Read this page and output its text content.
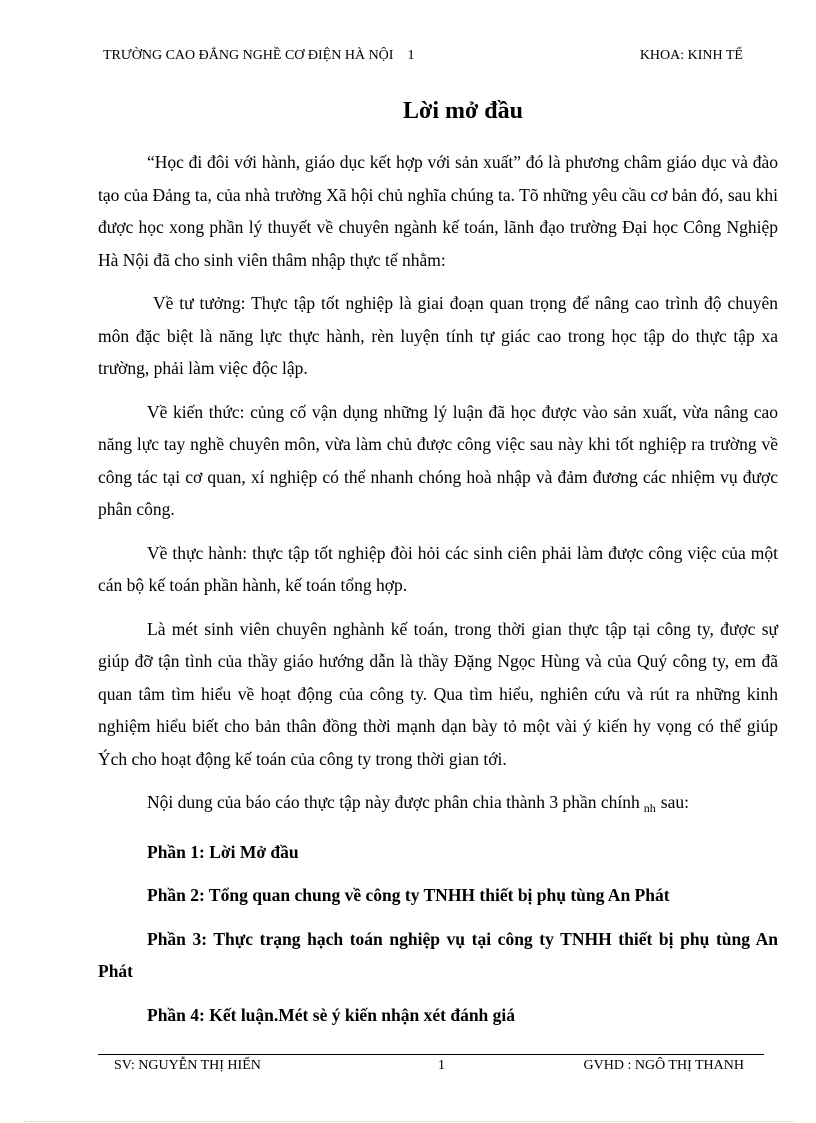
TRƯỜNG CAO ĐẲNG NGHỀ CƠ ĐIỆN HÀ NỘI    1	KHOA: KINH TẾ
Lời mở đầu

“Học đi đôi với hành, giáo dục kết hợp với sản xuất” đó là phương châm giáo dục và đào tạo của Đảng ta, của nhà trường Xã hội chủ nghĩa chúng ta. Tõ những yêu cầu cơ bản đó, sau khi được học xong phần lý thuyết về chuyên ngành kế toán, lãnh đạo trường Đại học Công Nghiệp Hà Nội đã cho sinh viên thâm nhập thực tế nhằm:

Về tư tưởng: Thực tập tốt nghiệp là giai đoạn quan trọng để nâng cao trình độ chuyên môn đặc biệt là năng lực thực hành, rèn luyện tính tự giác cao trong học tập do thực tập xa trường, phải làm việc độc lập.

Về kiến thức: củng cố vận dụng những lý luận đã học được vào sản xuất, vừa nâng cao năng lực tay nghề chuyên môn, vừa làm chủ được công việc sau này khi tốt nghiệp ra trường về công tác tại cơ quan, xí nghiệp có thể nhanh chóng hoà nhập và đảm đương các nhiệm vụ được phân công.

Về thực hành: thực tập tốt nghiệp đòi hỏi các sinh ciên phải làm được công việc của một cán bộ kế toán phần hành, kế toán tổng hợp.

Là mét sinh viên chuyên nghành kế toán, trong thời gian thực tập tại công ty, được sự giúp đỡ tận tình của thầy giáo hướng dẫn là thầy Đặng Ngọc Hùng và của Quý công ty, em đã quan tâm tìm hiểu về hoạt động của công ty. Qua tìm hiểu, nghiên cứu và rút ra những kinh nghiệm hiểu biết cho bản thân đồng thời mạnh dạn bày tỏ một vài ý kiến hy vọng có thể giúp Ých cho hoạt động kế toán của công ty trong thời gian tới.

Nội dung của báo cáo thực tập này được phân chia thành 3 phần chính $_{nh}$ sau:

Phần 1: Lời Mở đầu

Phần 2: Tổng quan chung về công ty TNHH thiết bị phụ tùng An Phát

Phần 3: Thực trạng hạch toán nghiệp vụ tại công ty TNHH thiết bị phụ tùng An Phát

Phần 4: Kết luận.Mét sè ý kiến nhận xét đánh giá

SV: NGUYỄN THỊ HIẾN	1	GVHD : NGÔ THỊ THANH
